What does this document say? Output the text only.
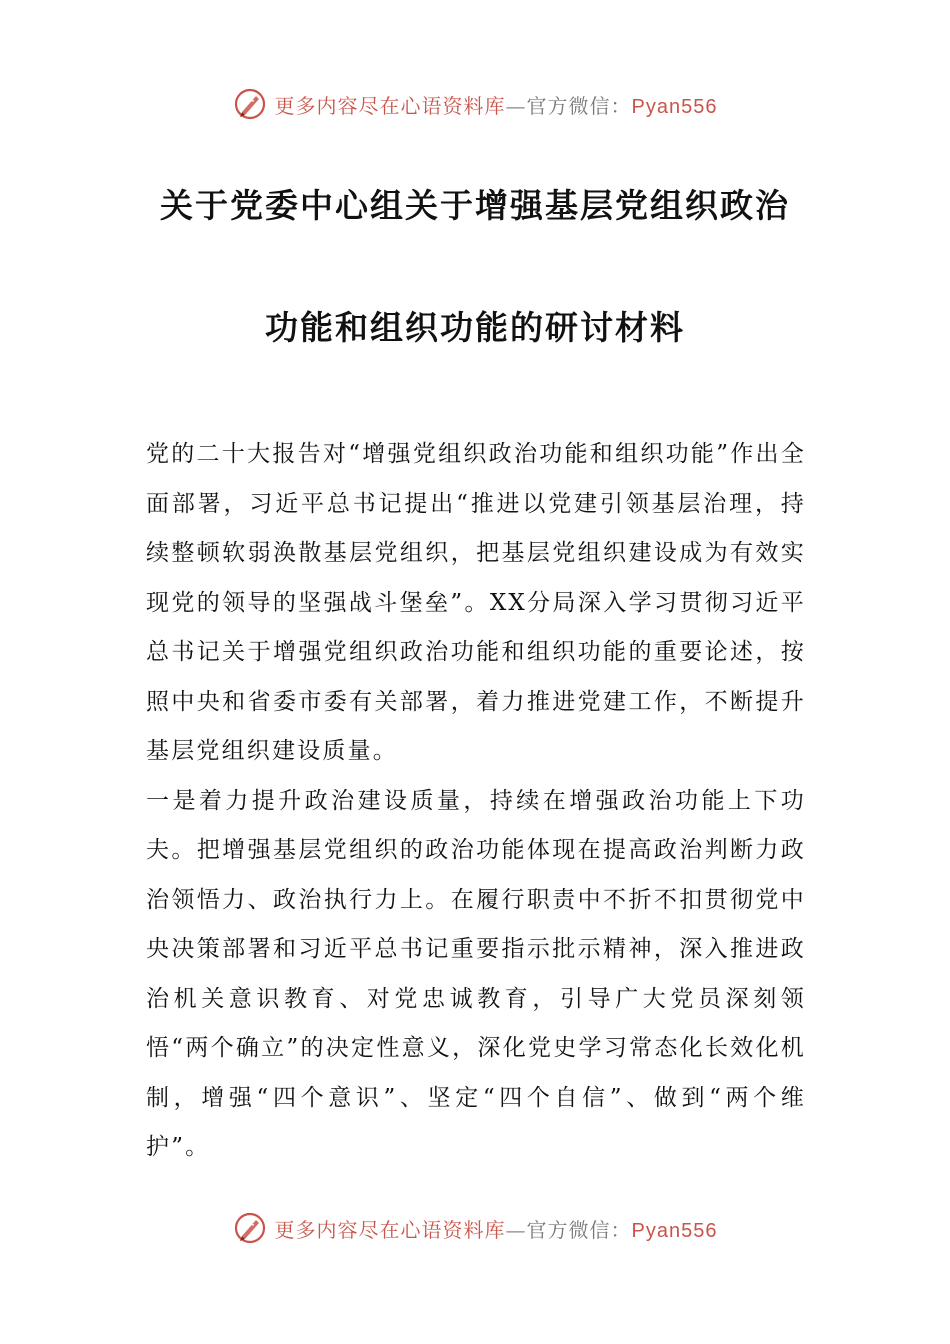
更多内容尽在心语资料库—官方微信：Pyan556
关于党委中心组关于增强基层党组织政治
功能和组织功能的研讨材料

党的二十大报告对“增强党组织政治功能和组织功能”作出全面部署，习近平总书记提出“推进以党建引领基层治理，持续整顿软弱涣散基层党组织，把基层党组织建设成为有效实现党的领导的坚强战斗堡垒”。XX分局深入学习贯彻习近平总书记关于增强党组织政治功能和组织功能的重要论述，按照中央和省委市委有关部署，着力推进党建工作，不断提升基层党组织建设质量。

一是着力提升政治建设质量，持续在增强政治功能上下功夫。把增强基层党组织的政治功能体现在提高政治判断力政治领悟力、政治执行力上。在履行职责中不折不扣贯彻党中央决策部署和习近平总书记重要指示批示精神，深入推进政治机关意识教育、对党忠诚教育，引导广大党员深刻领悟“两个确立”的决定性意义，深化党史学习常态化长效化机制，增强“四个意识”、坚定“四个自信”、做到“两个维护”。

更多内容尽在心语资料库—官方微信：Pyan556
